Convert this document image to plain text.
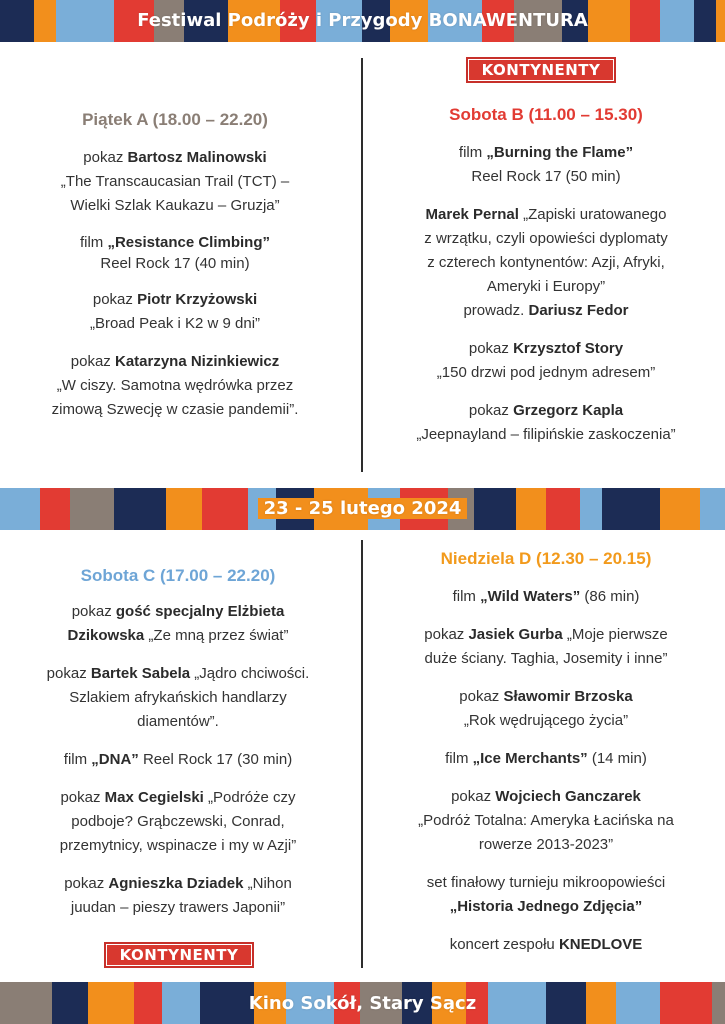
Festiwal Podróży i Przygody BONAWENTURA
KONTYNENTY

Piątek A (18.00 – 22.20)

pokaz Bartosz Malinowski

„The Transcaucasian Trail (TCT) –

Wielki Szlak Kaukazu – Gruzja”

film „Resistance Climbing”

Reel Rock 17 (40 min)

pokaz Piotr Krzyżowski

„Broad Peak i K2 w 9 dni”

pokaz Katarzyna Nizinkiewicz

„W ciszy. Samotna wędrówka przez

zimową Szwecję w czasie pandemii”.

Sobota B (11.00 – 15.30)

film „Burning the Flame”

Reel Rock 17 (50 min)

Marek Pernal „Zapiski uratowanego

z wrzątku, czyli opowieści dyplomaty

z czterech kontynentów: Azji, Afryki,

Ameryki i Europy”

prowadz. Dariusz Fedor

pokaz Krzysztof Story

„150 drzwi pod jednym adresem”

pokaz Grzegorz Kapla

„Jeepnayland – filipińskie zaskoczenia”

23 - 25 lutego 2024

Sobota C (17.00 – 22.20)

pokaz gość specjalny Elżbieta

Dzikowska „Ze mną przez świat”

pokaz Bartek Sabela „Jądro chciwości.

Szlakiem afrykańskich handlarzy

diamentów”.

film „DNA” Reel Rock 17 (30 min)

pokaz Max Cegielski „Podróże czy

podboje? Grąbczewski, Conrad,

przemytnicy, wspinacze i my w Azji”

pokaz Agnieszka Dziadek „Nihon

juudan – pieszy trawers Japonii”

KONTYNENTY

Niedziela D (12.30 – 20.15)

film „Wild Waters” (86 min)

pokaz Jasiek Gurba „Moje pierwsze

duże ściany. Taghia, Josemity i inne”

pokaz Sławomir Brzoska

„Rok wędrującego życia”

film „Ice Merchants” (14 min)

pokaz Wojciech Ganczarek

„Podróż Totalna: Ameryka Łacińska na

rowerze 2013-2023”

set finałowy turnieju mikroopowieści

„Historia Jednego Zdjęcia”

koncert zespołu KNEDLOVE

Kino Sokół, Stary Sącz
